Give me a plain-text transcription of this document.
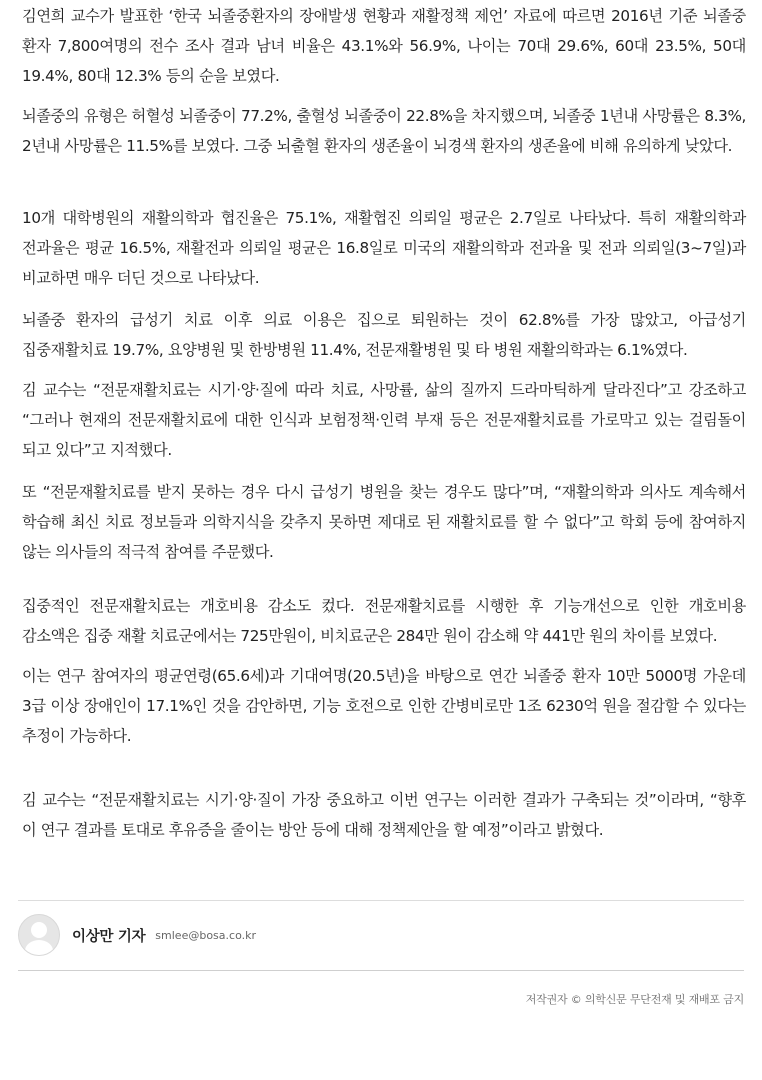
김연희 교수가 발표한 ‘한국 뇌졸중환자의 장애발생 현황과 재활정책 제언’ 자료에 따르면 2016년 기준 뇌졸중 환자 7,800여명의 전수 조사 결과 남녀 비율은 43.1%와 56.9%, 나이는 70대 29.6%, 60대 23.5%, 50대 19.4%, 80대 12.3% 등의 순을 보였다.

뇌졸중의 유형은 허혈성 뇌졸중이 77.2%, 출혈성 뇌졸중이 22.8%을 차지했으며, 뇌졸중 1년내 사망률은 8.3%, 2년내 사망률은 11.5%를 보였다. 그중 뇌출혈 환자의 생존율이 뇌경색 환자의 생존율에 비해 유의하게 낮았다.

10개 대학병원의 재활의학과 협진율은 75.1%, 재활협진 의뢰일 평균은 2.7일로 나타났다. 특히 재활의학과 전과율은 평균 16.5%, 재활전과 의뢰일 평균은 16.8일로 미국의 재활의학과 전과율 및 전과 의뢰일(3~7일)과 비교하면 매우 더딘 것으로 나타났다.

뇌졸중 환자의 급성기 치료 이후 의료 이용은 집으로 퇴원하는 것이 62.8%를 가장 많았고, 아급성기 집중재활치료 19.7%, 요양병원 및 한방병원 11.4%, 전문재활병원 및 타 병원 재활의학과는 6.1%였다.

김 교수는 “전문재활치료는 시기·양·질에 따라 치료, 사망률, 삶의 질까지 드라마틱하게 달라진다”고 강조하고 “그러나 현재의 전문재활치료에 대한 인식과 보험정책·인력 부재 등은 전문재활치료를 가로막고 있는 걸림돌이 되고 있다”고 지적했다.

또 “전문재활치료를 받지 못하는 경우 다시 급성기 병원을 찾는 경우도 많다”며, “재활의학과 의사도 계속해서 학습해 최신 치료 정보들과 의학지식을 갖추지 못하면 제대로 된 재활치료를 할 수 없다”고 학회 등에 참여하지 않는 의사들의 적극적 참여를 주문했다.

집중적인 전문재활치료는 개호비용 감소도 컸다. 전문재활치료를 시행한 후 기능개선으로 인한 개호비용 감소액은 집중 재활 치료군에서는 725만원이, 비치료군은 284만 원이 감소해 약 441만 원의 차이를 보였다.

이는 연구 참여자의 평균연령(65.6세)과 기대여명(20.5년)을 바탕으로 연간 뇌졸중 환자 10만 5000명 가운데 3급 이상 장애인이 17.1%인 것을 감안하면, 기능 호전으로 인한 간병비로만 1조 6230억 원을 절감할 수 있다는 추정이 가능하다.

김 교수는 “전문재활치료는 시기·양·질이 가장 중요하고 이번 연구는 이러한 결과가 구축되는 것”이라며, “향후 이 연구 결과를 토대로 후유증을 줄이는 방안 등에 대해 정책제안을 할 예정”이라고 밝혔다.

이상만 기자 smlee@bosa.co.kr
저작권자 © 의학신문 무단전재 및 재배포 금지
